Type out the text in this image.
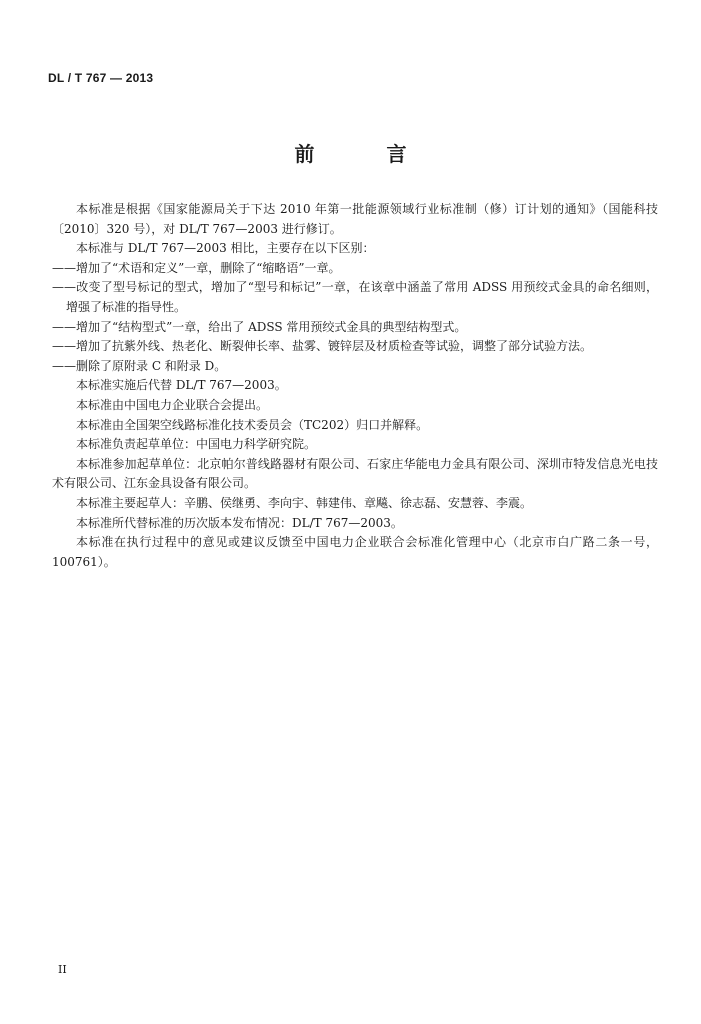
DL / T 767 — 2013
前　言

本标准是根据《国家能源局关于下达 2010 年第一批能源领域行业标准制（修）订计划的通知》（国能科技〔2010〕320 号），对 DL/T 767—2003 进行修订。

本标准与 DL/T 767—2003 相比，主要存在以下区别：

——增加了“术语和定义”一章，删除了“缩略语”一章。

——改变了型号标记的型式，增加了“型号和标记”一章，在该章中涵盖了常用 ADSS 用预绞式金具的命名细则，增强了标准的指导性。

——增加了“结构型式”一章，给出了 ADSS 常用预绞式金具的典型结构型式。

——增加了抗紫外线、热老化、断裂伸长率、盐雾、镀锌层及材质检查等试验，调整了部分试验方法。

——删除了原附录 C 和附录 D。

本标准实施后代替 DL/T 767—2003。

本标准由中国电力企业联合会提出。

本标准由全国架空线路标准化技术委员会（TC202）归口并解释。

本标准负责起草单位：中国电力科学研究院。

本标准参加起草单位：北京帕尔普线路器材有限公司、石家庄华能电力金具有限公司、深圳市特发信息光电技术有限公司、江东金具设备有限公司。

本标准主要起草人：辛鹏、侯继勇、李向宇、韩建伟、章飚、徐志磊、安慧蓉、李震。

本标准所代替标准的历次版本发布情况：DL/T 767—2003。

本标准在执行过程中的意见或建议反馈至中国电力企业联合会标准化管理中心（北京市白广路二条一号，100761）。

II
